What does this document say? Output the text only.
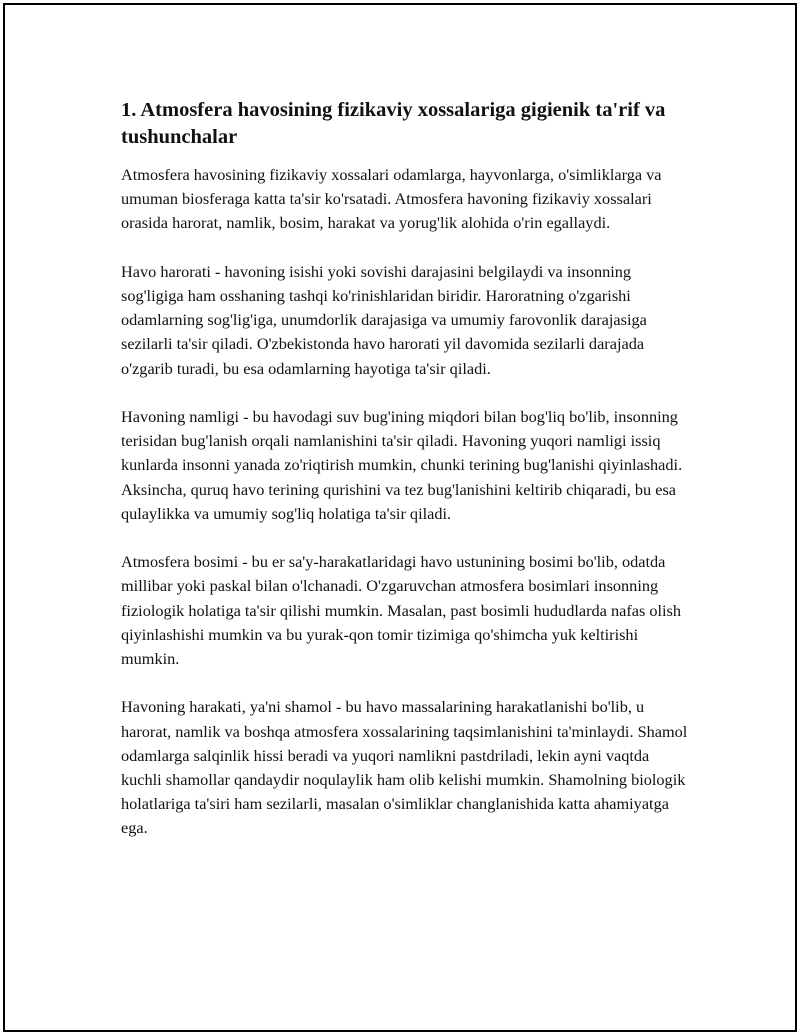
1. Atmosfera havosining fizikaviy xossalariga gigienik ta'rif va tushunchalar

Atmosfera havosining fizikaviy xossalari odamlarga, hayvonlarga, o'simliklarga va umuman biosferaga katta ta'sir ko'rsatadi. Atmosfera havoning fizikaviy xossalari orasida harorat, namlik, bosim, harakat va yorug'lik alohida o'rin egallaydi.

Havo harorati - havoning isishi yoki sovishi darajasini belgilaydi va insonning sog'ligiga ham osshaning tashqi ko'rinishlaridan biridir. Haroratning o'zgarishi odamlarning sog'lig'iga, unumdorlik darajasiga va umumiy farovonlik darajasiga sezilarli ta'sir qiladi. O'zbekistonda havo harorati yil davomida sezilarli darajada o'zgarib turadi, bu esa odamlarning hayotiga ta'sir qiladi.

Havoning namligi - bu havodagi suv bug'ining miqdori bilan bog'liq bo'lib, insonning terisidan bug'lanish orqali namlanishini ta'sir qiladi. Havoning yuqori namligi issiq kunlarda insonni yanada zo'riqtirish mumkin, chunki terining bug'lanishi qiyinlashadi. Aksincha, quruq havo terining qurishini va tez bug'lanishini keltirib chiqaradi, bu esa qulaylikka va umumiy sog'liq holatiga ta'sir qiladi.

Atmosfera bosimi - bu er sa'y-harakatlaridagi havo ustunining bosimi bo'lib, odatda millibar yoki paskal bilan o'lchanadi. O'zgaruvchan atmosfera bosimlari insonning fiziologik holatiga ta'sir qilishi mumkin. Masalan, past bosimli hududlarda nafas olish qiyinlashishi mumkin va bu yurak-qon tomir tizimiga qo'shimcha yuk keltirishi mumkin.

Havoning harakati, ya'ni shamol - bu havo massalarining harakatlanishi bo'lib, u harorat, namlik va boshqa atmosfera xossalarining taqsimlanishini ta'minlaydi. Shamol odamlarga salqinlik hissi beradi va yuqori namlikni pastdriladi, lekin ayni vaqtda kuchli shamollar qandaydir noqulaylik ham olib kelishi mumkin. Shamolning biologik holatlariga ta'siri ham sezilarli, masalan o'simliklar changlanishida katta ahamiyatga ega.
